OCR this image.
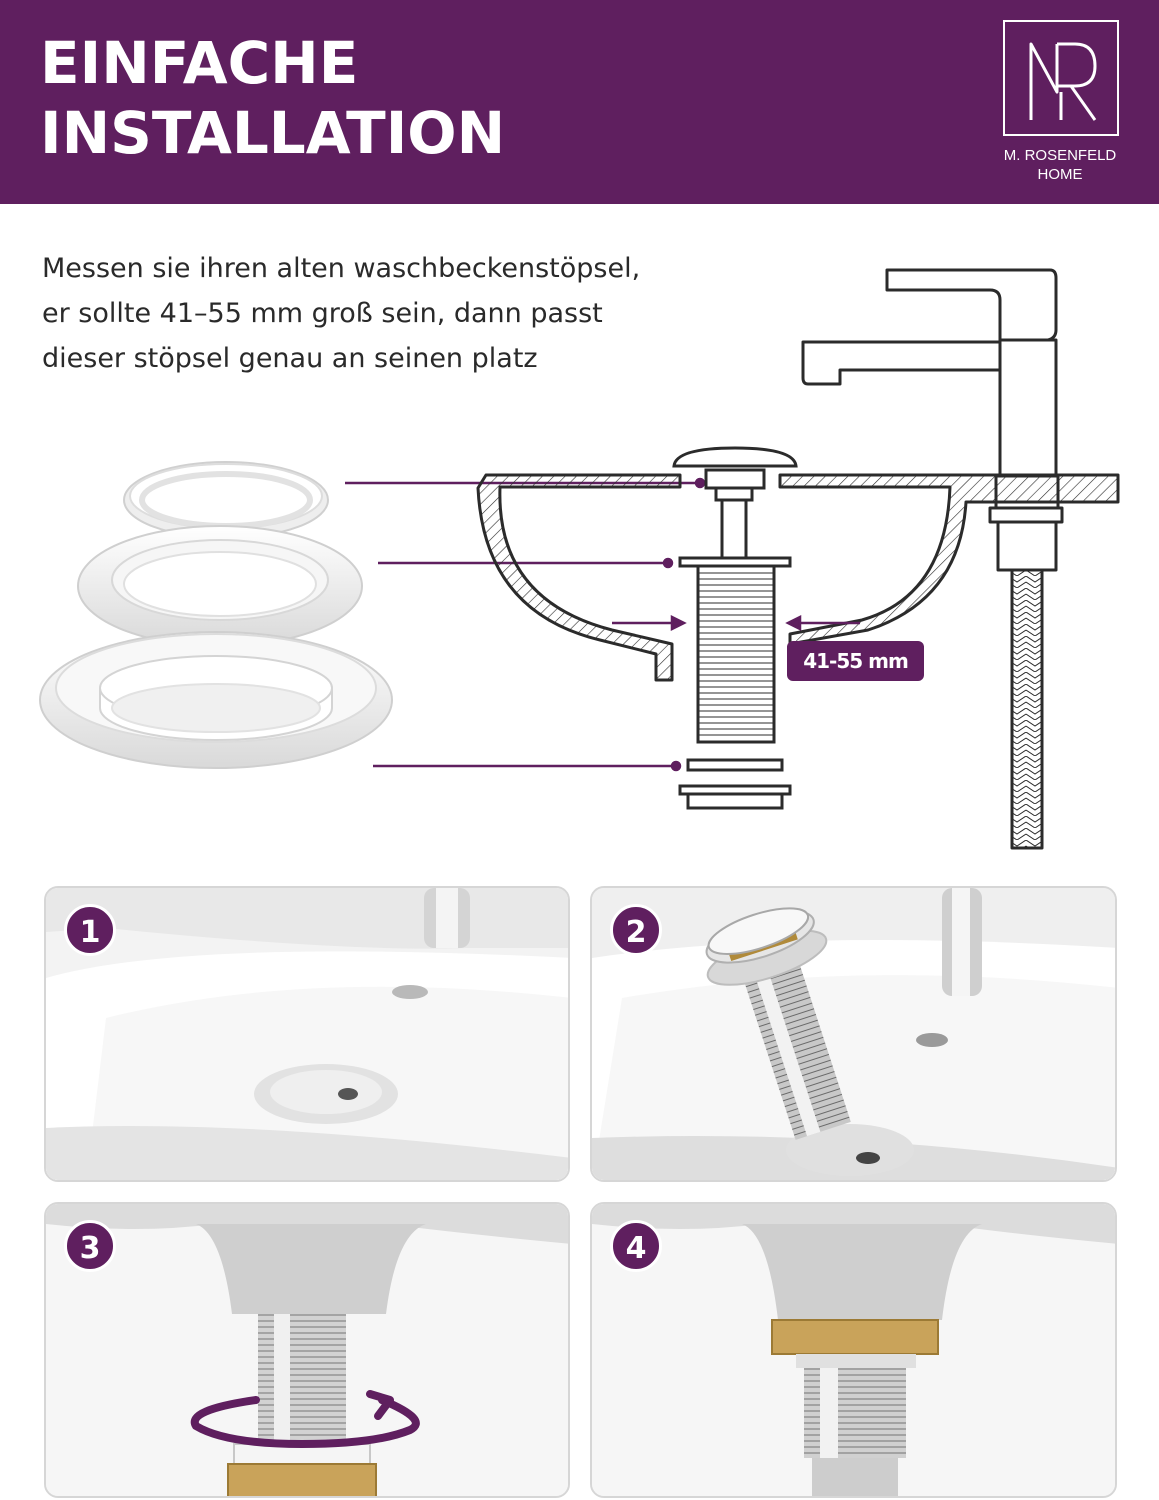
EINFACHE
INSTALLATION	M. ROSENFELD
HOME

Messen sie ihren alten waschbeckenstöpsel,
er sollte 41–55 mm groß sein, dann passt
dieser stöpsel genau an seinen platz

41-55 mm
1	2
3	4
